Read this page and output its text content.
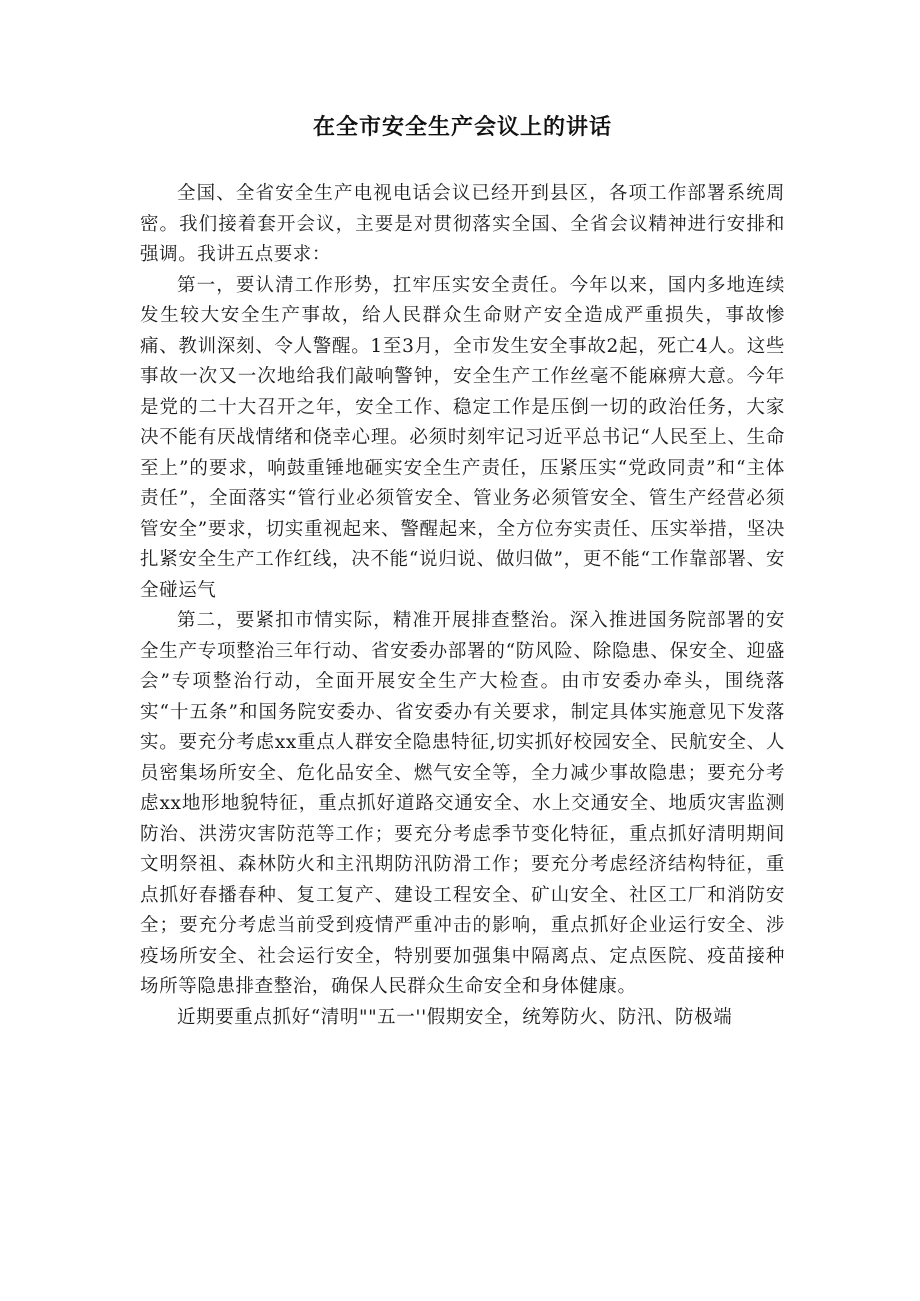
在全市安全生产会议上的讲话

全国、全省安全生产电视电话会议已经开到县区，各项工作部署系统周密。我们接着套开会议，主要是对贯彻落实全国、全省会议精神进行安排和强调。我讲五点要求：

第一，要认清工作形势，扛牢压实安全责任。今年以来，国内多地连续发生较大安全生产事故，给人民群众生命财产安全造成严重损失，事故惨痛、教训深刻、令人警醒。1至3月，全市发生安全事故2起，死亡4人。这些事故一次又一次地给我们敲响警钟，安全生产工作丝毫不能麻痹大意。今年是党的二十大召开之年，安全工作、稳定工作是压倒一切的政治任务，大家决不能有厌战情绪和侥幸心理。必须时刻牢记习近平总书记“人民至上、生命至上”的要求，响鼓重锤地砸实安全生产责任，压紧压实“党政同责”和“主体责任”，全面落实“管行业必须管安全、管业务必须管安全、管生产经营必须管安全”要求，切实重视起来、警醒起来，全方位夯实责任、压实举措，坚决扎紧安全生产工作红线，决不能“说归说、做归做”，更不能“工作靠部署、安全碰运气

第二，要紧扣市情实际，精准开展排查整治。深入推进国务院部署的安全生产专项整治三年行动、省安委办部署的“防风险、除隐患、保安全、迎盛会”专项整治行动，全面开展安全生产大检查。由市安委办牵头，围绕落实“十五条”和国务院安委办、省安委办有关要求，制定具体实施意见下发落实。要充分考虑xx重点人群安全隐患特征,切实抓好校园安全、民航安全、人员密集场所安全、危化品安全、燃气安全等，全力减少事故隐患；要充分考虑xx地形地貌特征，重点抓好道路交通安全、水上交通安全、地质灾害监测防治、洪涝灾害防范等工作；要充分考虑季节变化特征，重点抓好清明期间文明祭祖、森林防火和主汛期防汛防滑工作；要充分考虑经济结构特征，重点抓好春播春种、复工复产、建设工程安全、矿山安全、社区工厂和消防安全；要充分考虑当前受到疫情严重冲击的影响，重点抓好企业运行安全、涉疫场所安全、社会运行安全，特别要加强集中隔离点、定点医院、疫苗接种场所等隐患排查整治，确保人民群众生命安全和身体健康。

近期要重点抓好“清明""五一''假期安全，统筹防火、防汛、防极端
